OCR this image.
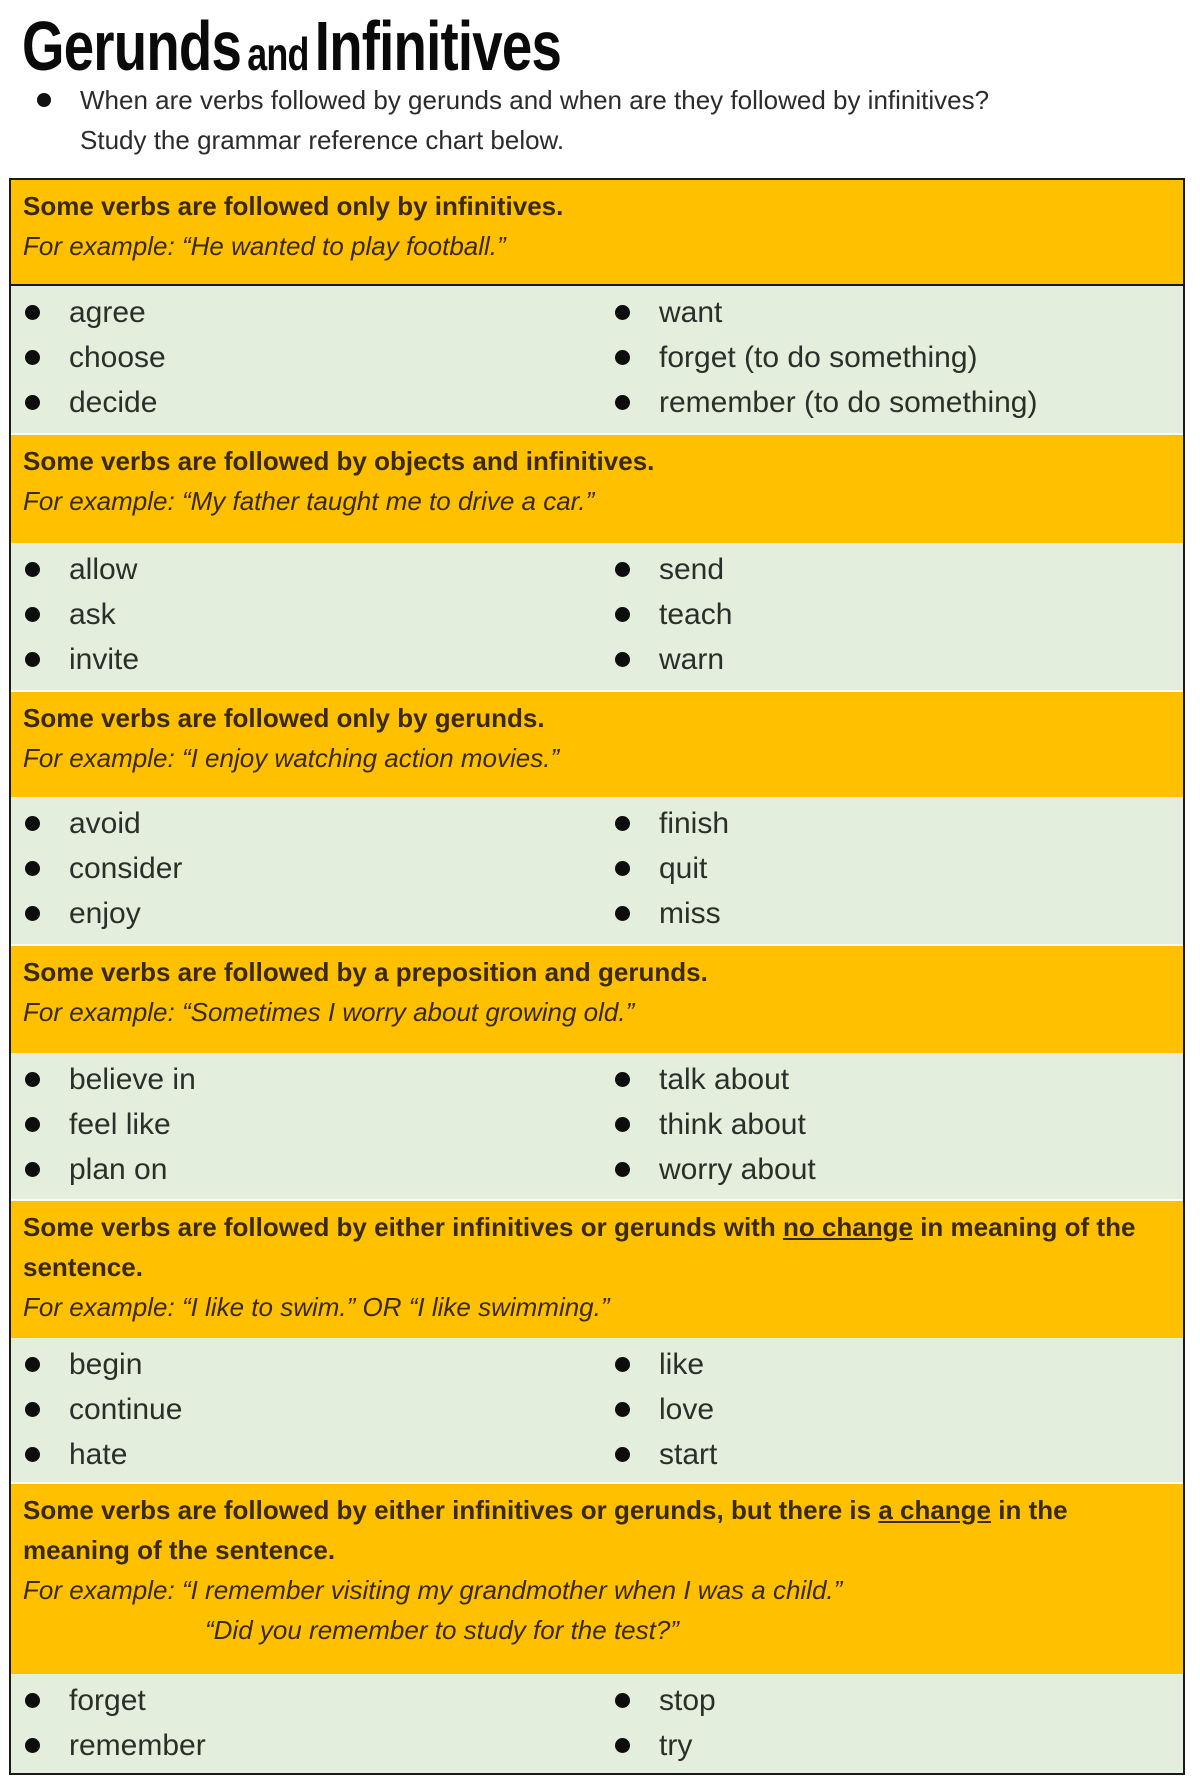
Gerunds and Infinitives
When are verbs followed by gerunds and when are they followed by infinitives?
Study the grammar reference chart below.
Some verbs are followed only by infinitives.
For example: “He wanted to play football.”
agree
choose
decide
want
forget (to do something)
remember (to do something)
Some verbs are followed by objects and infinitives.
For example: “My father taught me to drive a car.”
allow
ask
invite
send
teach
warn
Some verbs are followed only by gerunds.
For example: “I enjoy watching action movies.”
avoid
consider
enjoy
finish
quit
miss
Some verbs are followed by a preposition and gerunds.
For example: “Sometimes I worry about growing old.”
believe in
feel like
plan on
talk about
think about
worry about
Some verbs are followed by either infinitives or gerunds with no change in meaning of the sentence.
For example: “I like to swim.” OR “I like swimming.”
begin
continue
hate
like
love
start
Some verbs are followed by either infinitives or gerunds, but there is a change in the meaning of the sentence.
For example: “I remember visiting my grandmother when I was a child.”
“Did you remember to study for the test?”
forget
remember
stop
try
